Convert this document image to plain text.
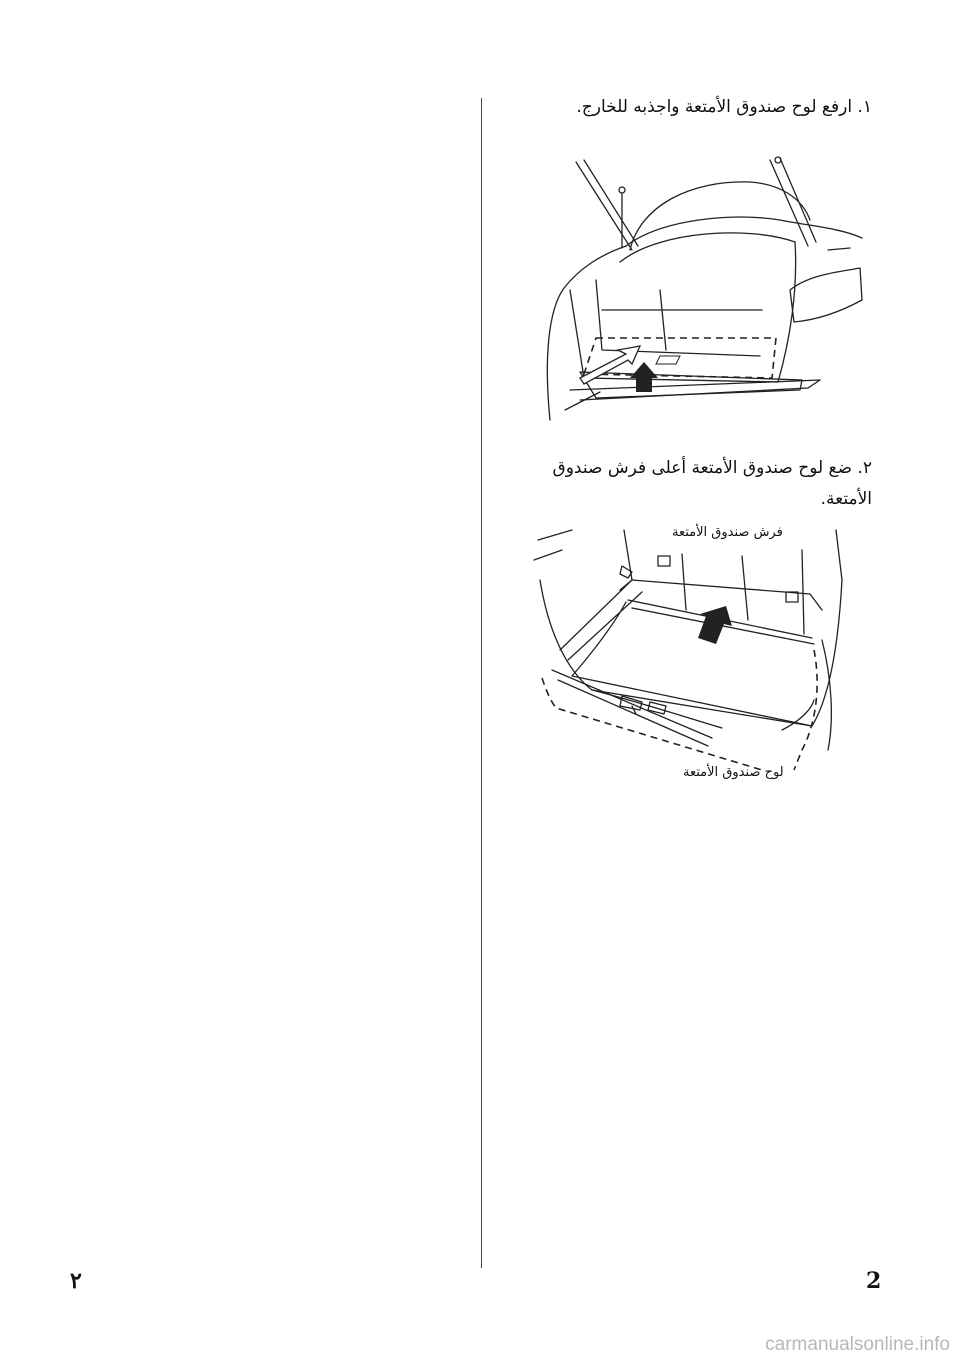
١. ارفع لوح صندوق الأمتعة واجذبه للخارج.
٢. ضع لوح صندوق الأمتعة أعلى فرش صندوق الأمتعة.
فرش صندوق الأمتعة
لوح صندوق الأمتعة
2
٢
carmanualsonline.info
